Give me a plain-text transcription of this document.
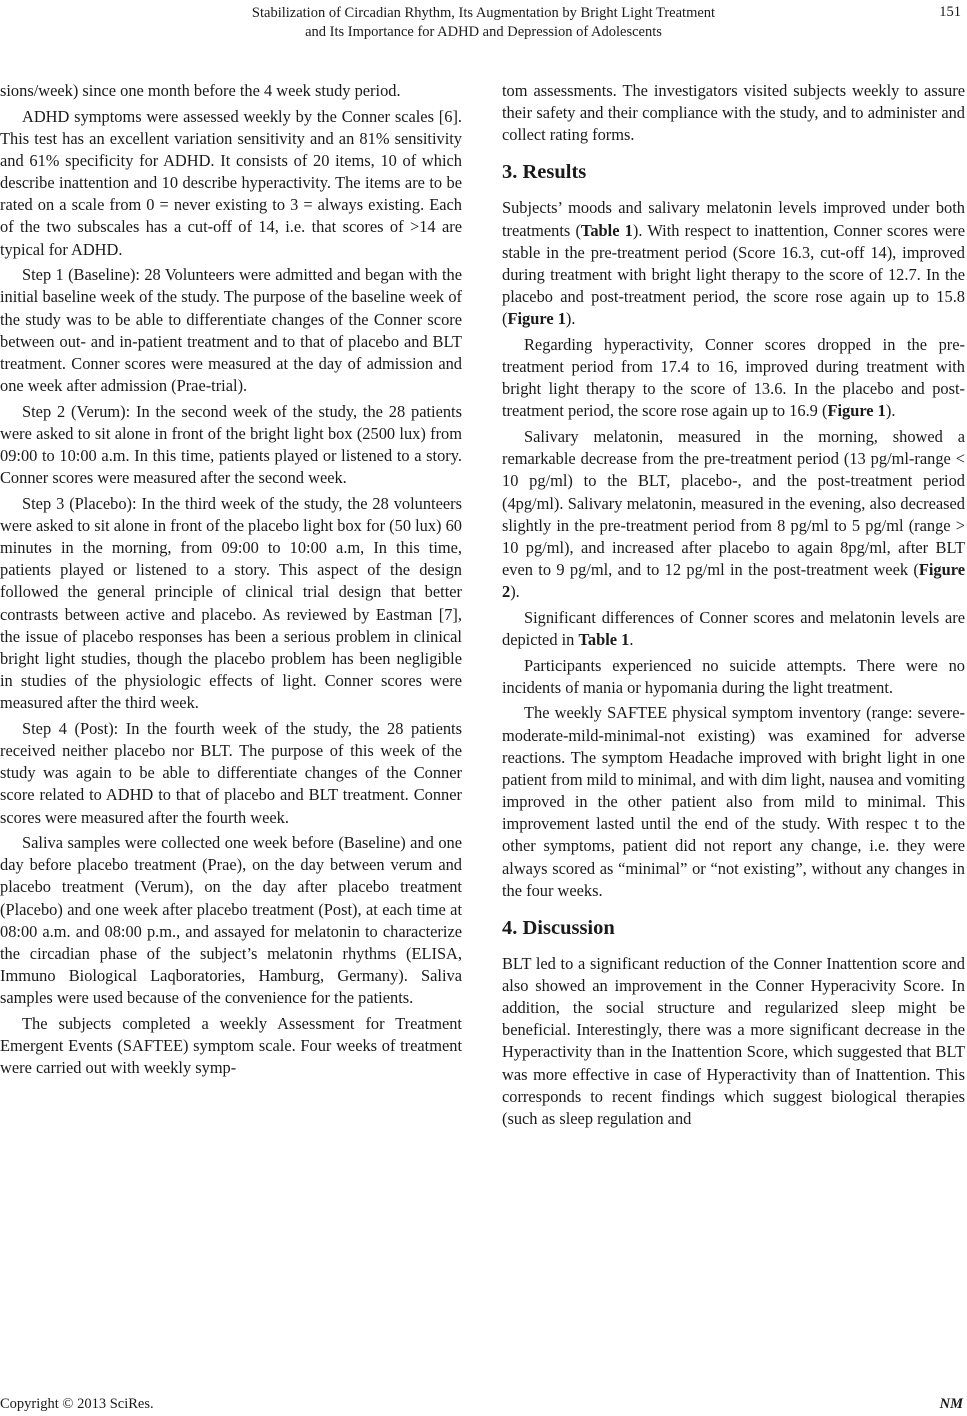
Stabilization of Circadian Rhythm, Its Augmentation by Bright Light Treatment
and Its Importance for ADHD and Depression of Adolescents
151

sions/week) since one month before the 4 week study period.

ADHD symptoms were assessed weekly by the Conner scales [6]. This test has an excellent variation sensitivity and an 81% sensitivity and 61% specificity for ADHD. It consists of 20 items, 10 of which describe inattention and 10 describe hyperactivity. The items are to be rated on a scale from 0 = never existing to 3 = always existing. Each of the two subscales has a cut-off of 14, i.e. that scores of >14 are typical for ADHD.

Step 1 (Baseline): 28 Volunteers were admitted and began with the initial baseline week of the study. The purpose of the baseline week of the study was to be able to differentiate changes of the Conner score between out- and in-patient treatment and to that of placebo and BLT treatment. Conner scores were measured at the day of admission and one week after admission (Prae-trial).

Step 2 (Verum): In the second week of the study, the 28 patients were asked to sit alone in front of the bright light box (2500 lux) from 09:00 to 10:00 a.m. In this time, patients played or listened to a story. Conner scores were measured after the second week.

Step 3 (Placebo): In the third week of the study, the 28 volunteers were asked to sit alone in front of the placebo light box for (50 lux) 60 minutes in the morning, from 09:00 to 10:00 a.m, In this time, patients played or listened to a story. This aspect of the design followed the general principle of clinical trial design that better contrasts between active and placebo. As reviewed by Eastman [7], the issue of placebo responses has been a serious problem in clinical bright light studies, though the placebo problem has been negligible in studies of the physiologic effects of light. Conner scores were measured after the third week.

Step 4 (Post): In the fourth week of the study, the 28 patients received neither placebo nor BLT. The purpose of this week of the study was again to be able to differentiate changes of the Conner score related to ADHD to that of placebo and BLT treatment. Conner scores were measured after the fourth week.

Saliva samples were collected one week before (Baseline) and one day before placebo treatment (Prae), on the day between verum and placebo treatment (Verum), on the day after placebo treatment (Placebo) and one week after placebo treatment (Post), at each time at 08:00 a.m. and 08:00 p.m., and assayed for melatonin to characterize the circadian phase of the subject’s melatonin rhythms (ELISA, Immuno Biological Laqboratories, Hamburg, Germany). Saliva samples were used because of the convenience for the patients.

The subjects completed a weekly Assessment for Treatment Emergent Events (SAFTEE) symptom scale. Four weeks of treatment were carried out with weekly symp-

tom assessments. The investigators visited subjects weekly to assure their safety and their compliance with the study, and to administer and collect rating forms.

3. Results

Subjects’ moods and salivary melatonin levels improved under both treatments (Table 1). With respect to inattention, Conner scores were stable in the pre-treatment period (Score 16.3, cut-off 14), improved during treatment with bright light therapy to the score of 12.7. In the placebo and post-treatment period, the score rose again up to 15.8 (Figure 1).

Regarding hyperactivity, Conner scores dropped in the pre-treatment period from 17.4 to 16, improved during treatment with bright light therapy to the score of 13.6. In the placebo and post-treatment period, the score rose again up to 16.9 (Figure 1).

Salivary melatonin, measured in the morning, showed a remarkable decrease from the pre-treatment period (13 pg/ml-range < 10 pg/ml) to the BLT, placebo-, and the post-treatment period (4pg/ml). Salivary melatonin, measured in the evening, also decreased slightly in the pre-treatment period from 8 pg/ml to 5 pg/ml (range > 10 pg/ml), and increased after placebo to again 8pg/ml, after BLT even to 9 pg/ml, and to 12 pg/ml in the post-treatment week (Figure 2).

Significant differences of Conner scores and melatonin levels are depicted in Table 1.

Participants experienced no suicide attempts. There were no incidents of mania or hypomania during the light treatment.

The weekly SAFTEE physical symptom inventory (range: severe-moderate-mild-minimal-not existing) was examined for adverse reactions. The symptom Headache improved with bright light in one patient from mild to minimal, and with dim light, nausea and vomiting improved in the other patient also from mild to minimal. This improvement lasted until the end of the study. With respec t to the other symptoms, patient did not report any change, i.e. they were always scored as “minimal” or “not existing”, without any changes in the four weeks.

4. Discussion

BLT led to a significant reduction of the Conner Inattention score and also showed an improvement in the Conner Hyperacivity Score. In addition, the social structure and regularized sleep might be beneficial. Interestingly, there was a more significant decrease in the Hyperactivity than in the Inattention Score, which suggested that BLT was more effective in case of Hyperactivity than of Inattention. This corresponds to recent findings which suggest biological therapies (such as sleep regulation and

Copyright © 2013 SciRes.	NM
